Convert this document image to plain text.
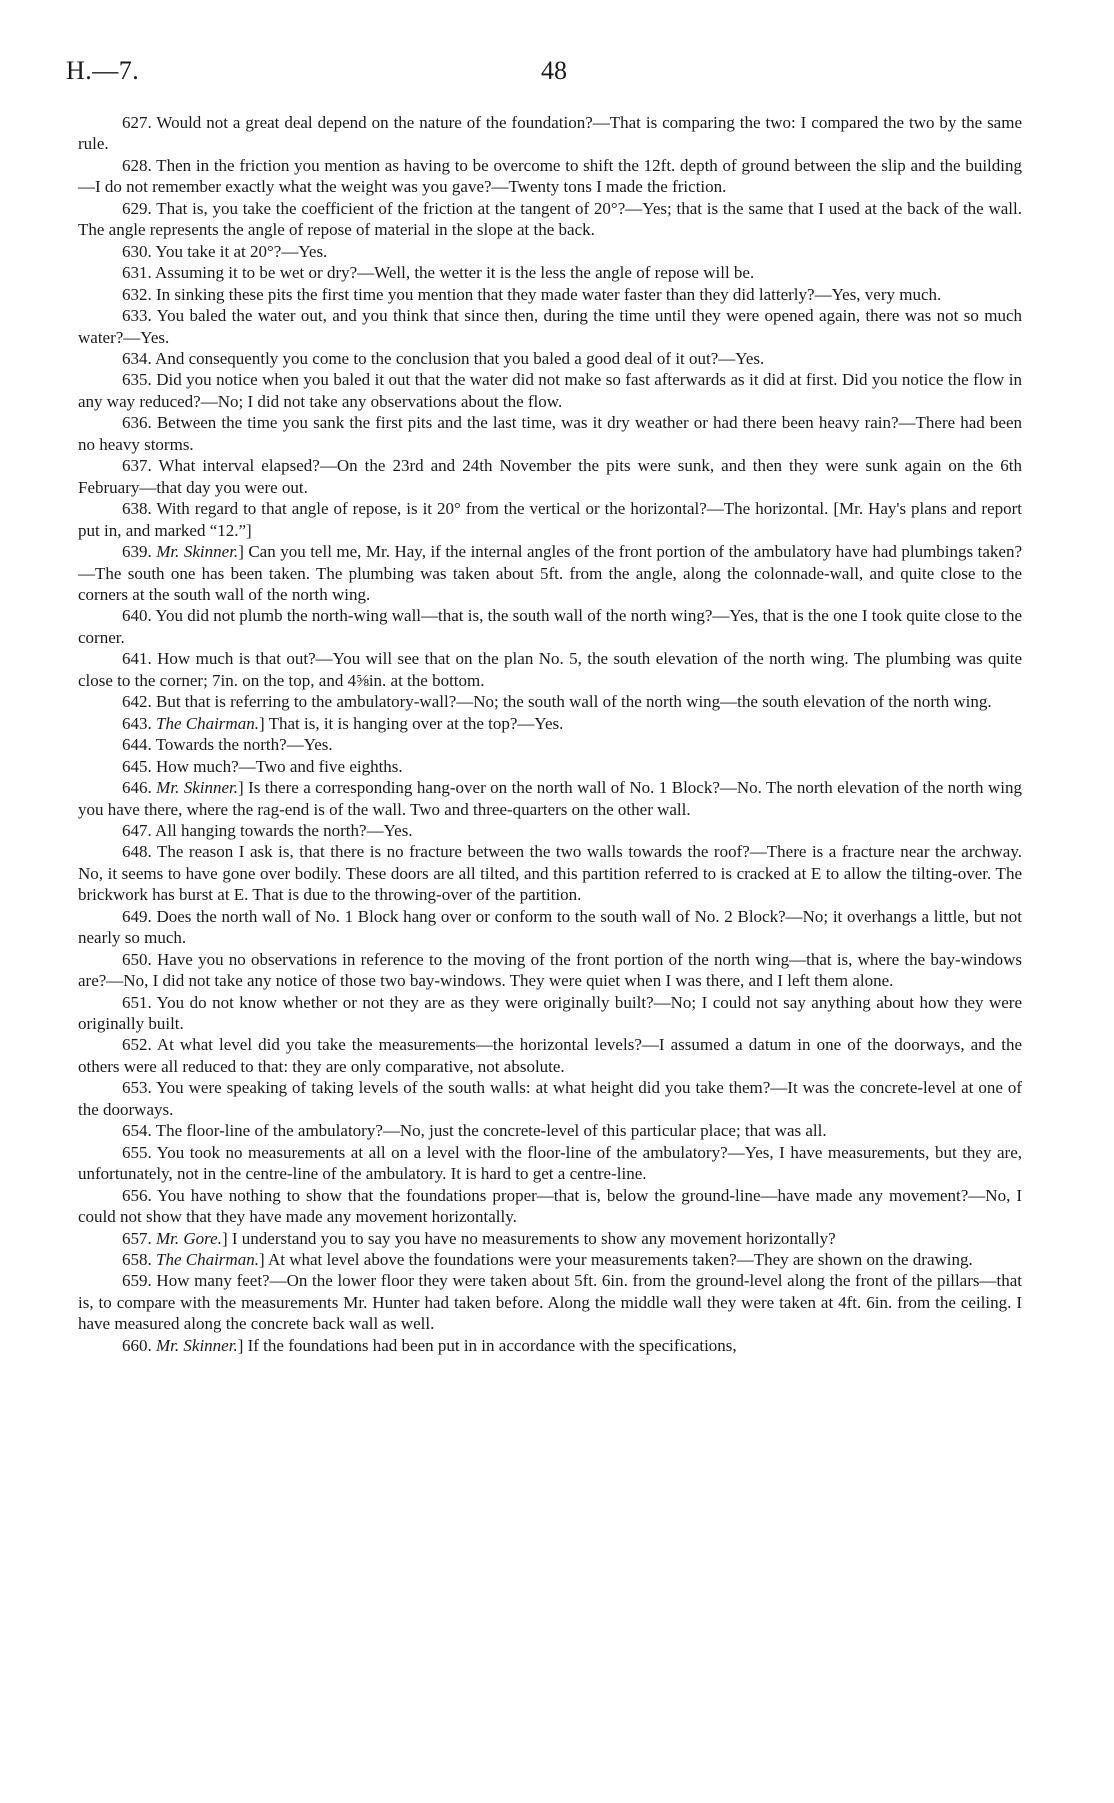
H.—7.	48

627. Would not a great deal depend on the nature of the foundation?—That is comparing the two: I compared the two by the same rule.

628. Then in the friction you mention as having to be overcome to shift the 12ft. depth of ground between the slip and the building—I do not remember exactly what the weight was you gave?—Twenty tons I made the friction.

629. That is, you take the coefficient of the friction at the tangent of 20°?—Yes; that is the same that I used at the back of the wall. The angle represents the angle of repose of material in the slope at the back.

630. You take it at 20°?—Yes.

631. Assuming it to be wet or dry?—Well, the wetter it is the less the angle of repose will be.

632. In sinking these pits the first time you mention that they made water faster than they did latterly?—Yes, very much.

633. You baled the water out, and you think that since then, during the time until they were opened again, there was not so much water?—Yes.

634. And consequently you come to the conclusion that you baled a good deal of it out?—Yes.

635. Did you notice when you baled it out that the water did not make so fast afterwards as it did at first. Did you notice the flow in any way reduced?—No; I did not take any observations about the flow.

636. Between the time you sank the first pits and the last time, was it dry weather or had there been heavy rain?—There had been no heavy storms.

637. What interval elapsed?—On the 23rd and 24th November the pits were sunk, and then they were sunk again on the 6th February—that day you were out.

638. With regard to that angle of repose, is it 20° from the vertical or the horizontal?—The horizontal. [Mr. Hay's plans and report put in, and marked “12.”]

639. Mr. Skinner.] Can you tell me, Mr. Hay, if the internal angles of the front portion of the ambulatory have had plumbings taken?—The south one has been taken. The plumbing was taken about 5ft. from the angle, along the colonnade-wall, and quite close to the corners at the south wall of the north wing.

640. You did not plumb the north-wing wall—that is, the south wall of the north wing?—Yes, that is the one I took quite close to the corner.

641. How much is that out?—You will see that on the plan No. 5, the south elevation of the north wing. The plumbing was quite close to the corner; 7in. on the top, and 4⅝in. at the bottom.

642. But that is referring to the ambulatory-wall?—No; the south wall of the north wing—the south elevation of the north wing.

643. The Chairman.] That is, it is hanging over at the top?—Yes.

644. Towards the north?—Yes.

645. How much?—Two and five eighths.

646. Mr. Skinner.] Is there a corresponding hang-over on the north wall of No. 1 Block?—No. The north elevation of the north wing you have there, where the rag-end is of the wall. Two and three-quarters on the other wall.

647. All hanging towards the north?—Yes.

648. The reason I ask is, that there is no fracture between the two walls towards the roof?—There is a fracture near the archway. No, it seems to have gone over bodily. These doors are all tilted, and this partition referred to is cracked at E to allow the tilting-over. The brickwork has burst at E. That is due to the throwing-over of the partition.

649. Does the north wall of No. 1 Block hang over or conform to the south wall of No. 2 Block?—No; it overhangs a little, but not nearly so much.

650. Have you no observations in reference to the moving of the front portion of the north wing—that is, where the bay-windows are?—No, I did not take any notice of those two bay-windows. They were quiet when I was there, and I left them alone.

651. You do not know whether or not they are as they were originally built?—No; I could not say anything about how they were originally built.

652. At what level did you take the measurements—the horizontal levels?—I assumed a datum in one of the doorways, and the others were all reduced to that: they are only comparative, not absolute.

653. You were speaking of taking levels of the south walls: at what height did you take them?—It was the concrete-level at one of the doorways.

654. The floor-line of the ambulatory?—No, just the concrete-level of this particular place; that was all.

655. You took no measurements at all on a level with the floor-line of the ambulatory?—Yes, I have measurements, but they are, unfortunately, not in the centre-line of the ambulatory. It is hard to get a centre-line.

656. You have nothing to show that the foundations proper—that is, below the ground-line—have made any movement?—No, I could not show that they have made any movement horizontally.

657. Mr. Gore.] I understand you to say you have no measurements to show any movement horizontally?

658. The Chairman.] At what level above the foundations were your measurements taken?—They are shown on the drawing.

659. How many feet?—On the lower floor they were taken about 5ft. 6in. from the ground-level along the front of the pillars—that is, to compare with the measurements Mr. Hunter had taken before. Along the middle wall they were taken at 4ft. 6in. from the ceiling. I have measured along the concrete back wall as well.

660. Mr. Skinner.] If the foundations had been put in in accordance with the specifications,
